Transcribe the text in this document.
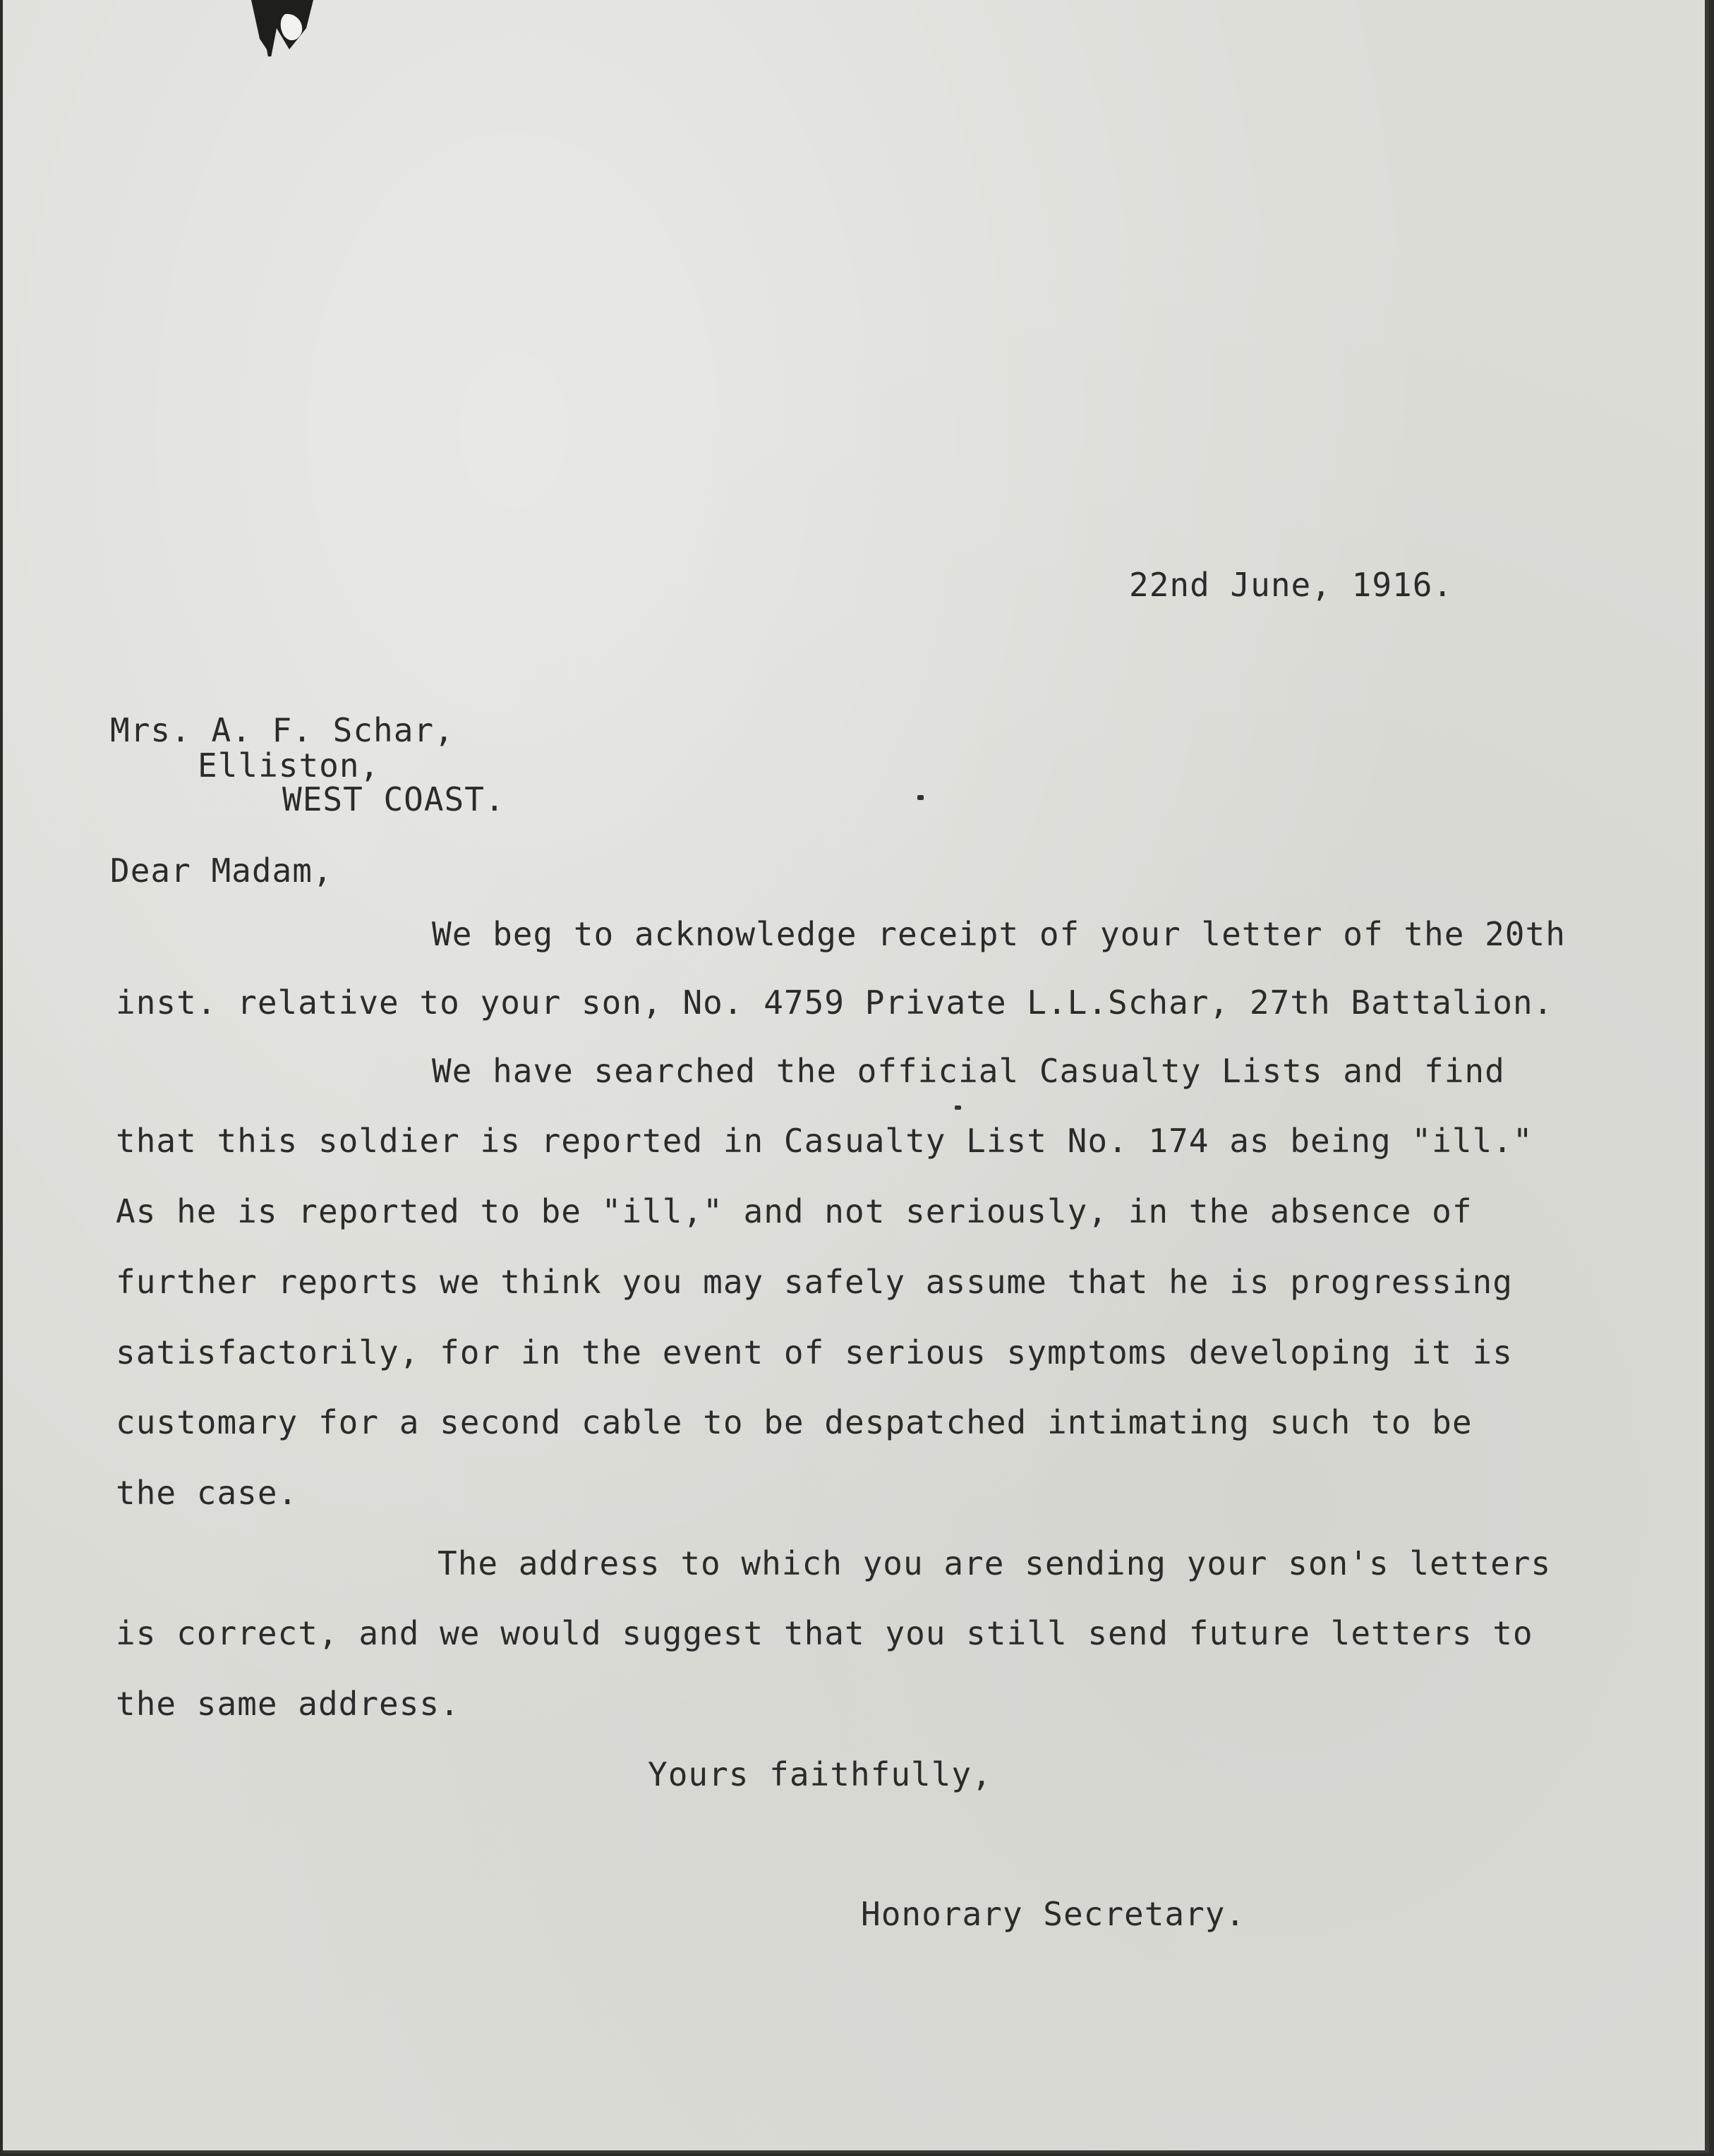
22nd June, 1916.
Mrs. A. F. Schar,
Elliston,
WEST COAST.
Dear Madam,
We beg to acknowledge receipt of your letter of the 20th
inst. relative to your son, No. 4759 Private L.L.Schar, 27th Battalion.
We have searched the official Casualty Lists and find
that this soldier is reported in Casualty List No. 174 as being "ill."
As he is reported to be "ill," and not seriously, in the absence of
further reports we think you may safely assume that he is progressing
satisfactorily, for in the event of serious symptoms developing it is
customary for a second cable to be despatched intimating such to be
the case.
The address to which you are sending your son's letters
is correct, and we would suggest that you still send future letters to
the same address.
Yours faithfully,
Honorary Secretary.
